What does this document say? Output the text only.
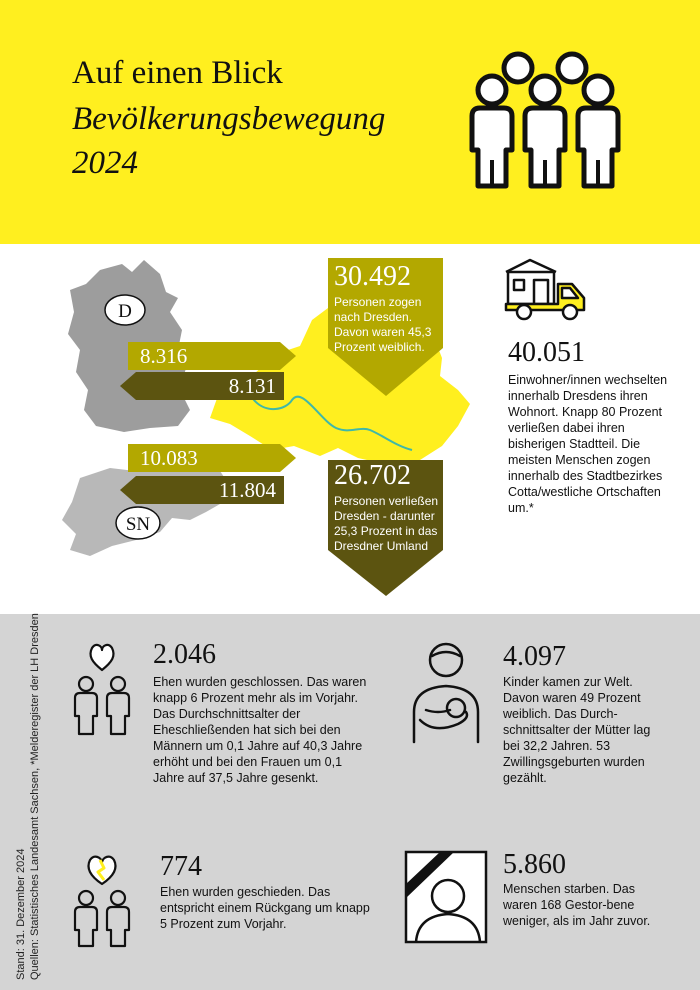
Auf einen Blick
Bevölkerungsbewegung
2024
D
SN
8.316
8.131
10.083
11.804
30.492
Personen zogen nach Dresden. Davon waren 45,3 Prozent weiblich.
26.702
Personen verließen Dresden - darunter 25,3 Prozent in das Dresdner Umland
40.051
Einwohner/innen wechselten innerhalb Dresdens ihren Wohnort. Knapp 80 Prozent verließen dabei ihren bisherigen Stadtteil. Die meisten Menschen zogen innerhalb des Stadtbezirkes Cotta/westliche Ortschaften um.*
Stand: 31. Dezember 2024 Quellen: Statistisches Landesamt Sachsen, *Melderegister der LH Dresden	2.046
Ehen wurden geschlossen. Das waren knapp 6 Prozent mehr als im Vorjahr. Das Durchschnittsalter der Eheschließenden hat sich bei den Männern um 0,1 Jahre auf 40,3 Jahre erhöht und bei den Frauen um 0,1 Jahre auf 37,5 Jahre gesenkt.
774
Ehen wurden geschieden. Das entspricht einem Rückgang um knapp 5 Prozent zum Vorjahr.
4.097
Kinder kamen zur Welt. Davon waren 49 Prozent weiblich. Das Durch-schnittsalter der Mütter lag bei 32,2 Jahren. 53 Zwillingsgeburten wurden gezählt.
5.860
Menschen starben. Das waren 168 Gestor-bene weniger, als im Jahr zuvor.
